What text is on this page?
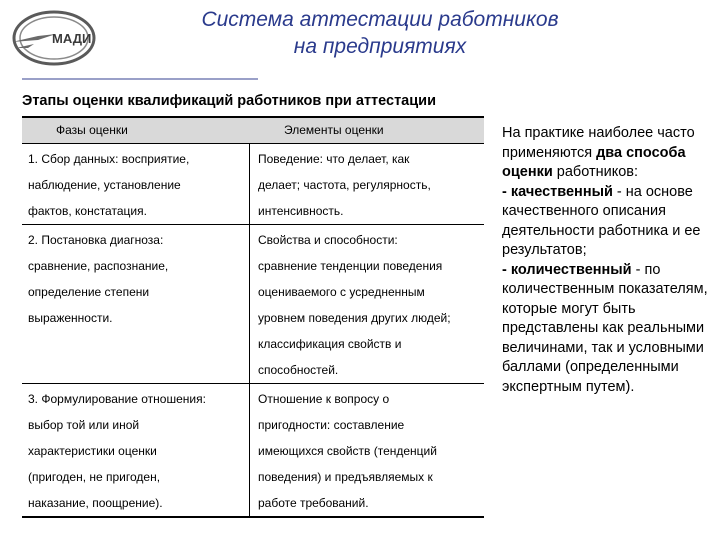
МАДИ
Система аттестации работников
на предприятиях
Этапы оценки квалификаций работников при аттестации
Фазы оценки	Элементы оценки
1. Сбор данных: восприятие,
наблюдение, установление
фактов, констатация.
Поведение: что делает, как
делает; частота, регулярность,
интенсивность.
2. Постановка диагноза:
сравнение, распознание,
определение степени
выраженности.
Свойства и способности:
сравнение тенденции поведения
оцениваемого с усредненным
уровнем поведения других людей;
классификация свойств и
способностей.
3. Формулирование отношения:
выбор той или иной
характеристики оценки
(пригоден, не пригоден,
наказание, поощрение).
Отношение к вопросу о
пригодности: составление
имеющихся свойств (тенденций
поведения) и предъявляемых к
работе требований.
На практике наиболее часто применяются два способа оценки работников:
- качественный - на основе качественного описания деятельности работника и ее результатов;
- количественный - по количественным показателям, которые могут быть представлены как реальными величинами, так и условными баллами (определенными экспертным путем).
